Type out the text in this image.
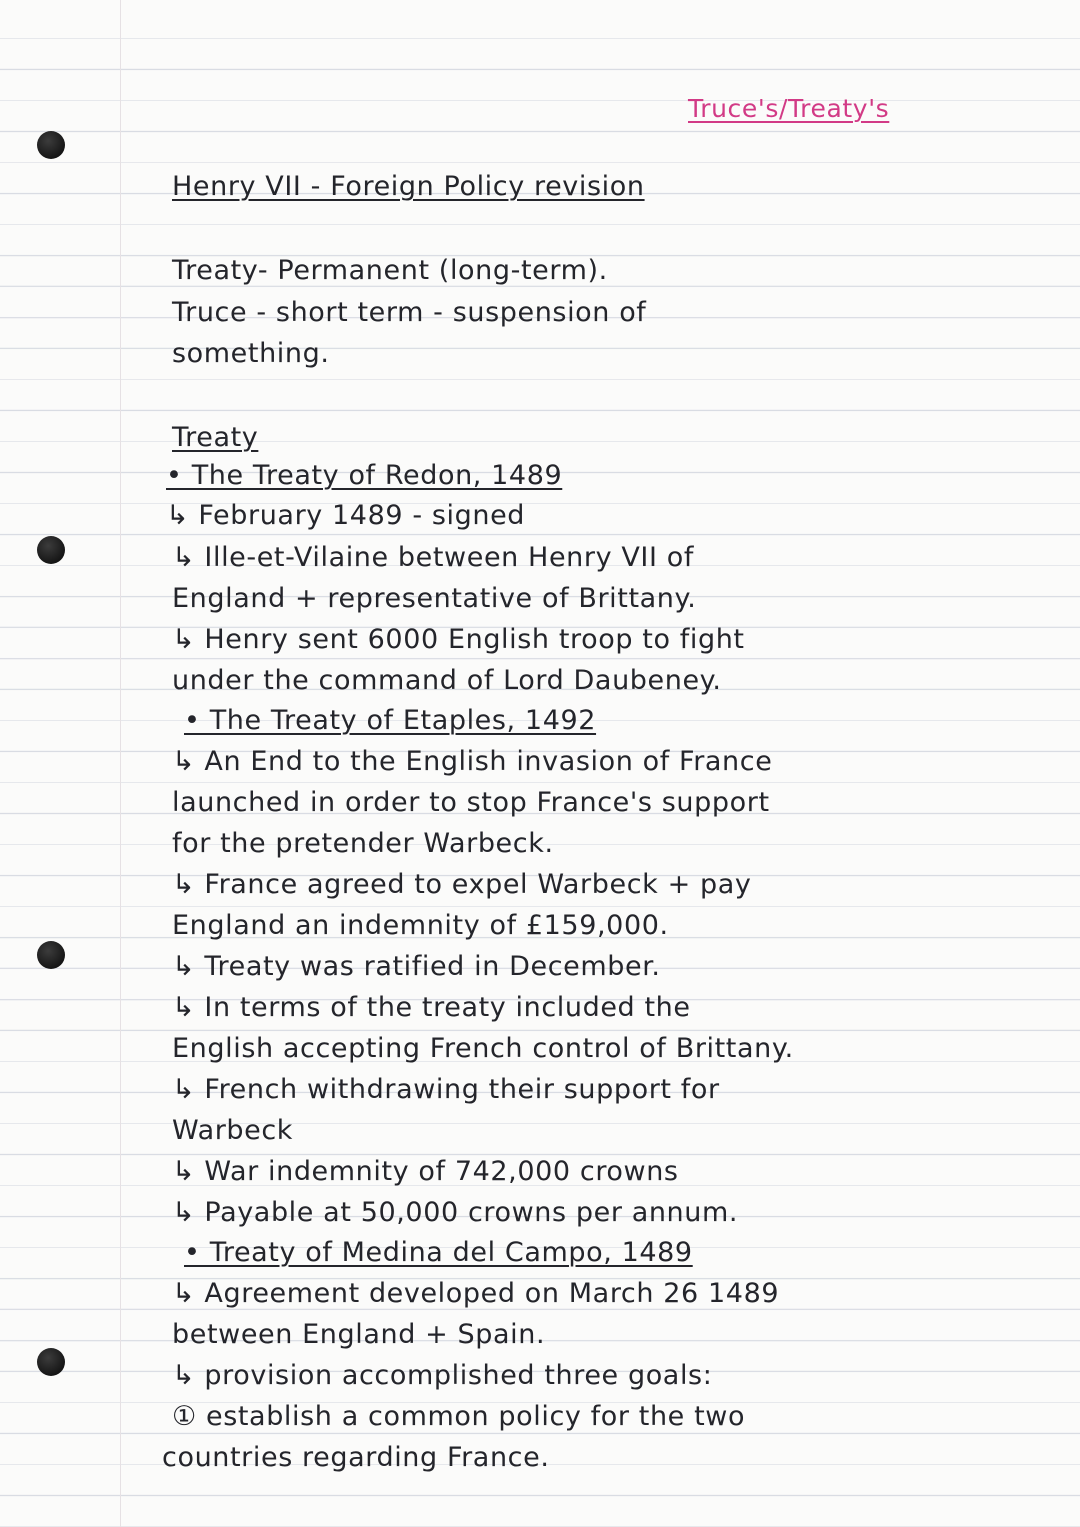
Truce's/Treaty's
Henry VII - Foreign Policy revision
Treaty- Permanent (long-term).
Truce - short term - suspension of
something.
Treaty
• The Treaty of Redon, 1489
↳ February 1489 - signed
↳ Ille-et-Vilaine between Henry VII of
England + representative of Brittany.
↳ Henry sent 6000 English troop to fight
under the command of Lord Daubeney.
• The Treaty of Etaples, 1492
↳ An End to the English invasion of France
launched in order to stop France's support
for the pretender Warbeck.
↳ France agreed to expel Warbeck + pay
England an indemnity of £159,000.
↳ Treaty was ratified in December.
↳ In terms of the treaty included the
English accepting French control of Brittany.
↳ French withdrawing their support for
Warbeck
↳ War indemnity of 742,000 crowns
↳ Payable at 50,000 crowns per annum.
• Treaty of Medina del Campo, 1489
↳ Agreement developed on March 26 1489
between England + Spain.
↳ provision accomplished three goals:
① establish a common policy for the two
countries regarding France.
